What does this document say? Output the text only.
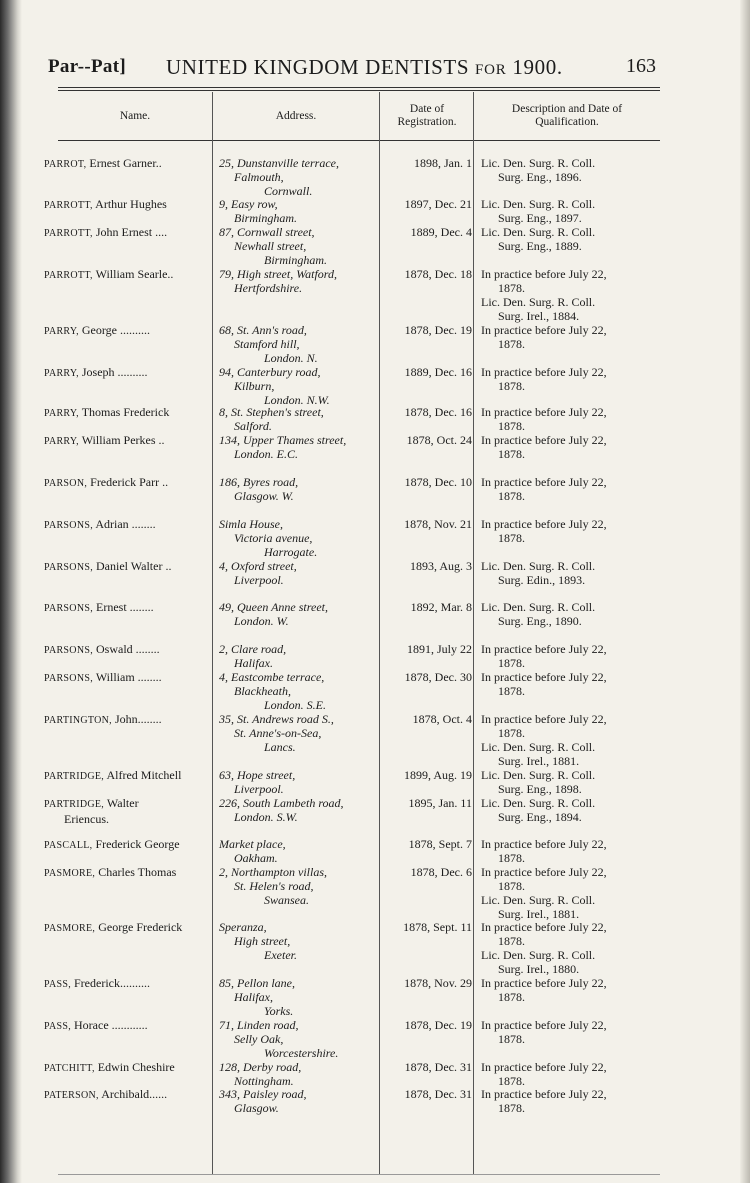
Par--Pat] UNITED KINGDOM DENTISTS FOR 1900.	163
Name.	Address.
Date of
Registration.
Description and Date of
Qualification.
PARROT, Ernest Garner..	25, Dunstanville terrace,
Falmouth,
Cornwall.
1898, Jan. 1 Lic. Den. Surg. R. Coll.
Surg. Eng., 1896.
PARROTT, Arthur Hughes	9, Easy row,
Birmingham.
1897, Dec. 21 Lic. Den. Surg. R. Coll.
Surg. Eng., 1897.
PARROTT, John Ernest ....	87, Cornwall street,
Newhall street,
Birmingham.
1889, Dec. 4 Lic. Den. Surg. R. Coll.
Surg. Eng., 1889.
PARROTT, William Searle..	79, High street, Watford,
Hertfordshire.
1878, Dec. 18 In practice before July 22,
1878.
Lic. Den. Surg. R. Coll.
Surg. Irel., 1884.
PARRY, George ..........	68, St. Ann's road,
Stamford hill,
London. N.
1878, Dec. 19 In practice before July 22,
1878.
PARRY, Joseph ..........	94, Canterbury road,
Kilburn,
London. N.W.
1889, Dec. 16 In practice before July 22,
1878.
PARRY, Thomas Frederick	8, St. Stephen's street,
Salford.
1878, Dec. 16 In practice before July 22,
1878.
PARRY, William Perkes ..	134, Upper Thames street,
London. E.C.
1878, Oct. 24 In practice before July 22,
1878.
PARSON, Frederick Parr ..	186, Byres road,
Glasgow. W.
1878, Dec. 10 In practice before July 22,
1878.
PARSONS, Adrian ........	Simla House,
Victoria avenue,
Harrogate.
1878, Nov. 21 In practice before July 22,
1878.
PARSONS, Daniel Walter ..	4, Oxford street,
Liverpool.
1893, Aug. 3 Lic. Den. Surg. R. Coll.
Surg. Edin., 1893.
PARSONS, Ernest ........	49, Queen Anne street,
London. W.
1892, Mar. 8 Lic. Den. Surg. R. Coll.
Surg. Eng., 1890.
PARSONS, Oswald ........	2, Clare road,
Halifax.
1891, July 22 In practice before July 22,
1878.
PARSONS, William ........	4, Eastcombe terrace,
Blackheath,
London. S.E.
1878, Dec. 30 In practice before July 22,
1878.
PARTINGTON, John........	35, St. Andrews road S.,
St. Anne's-on-Sea,
Lancs.
1878, Oct. 4 In practice before July 22,
1878.
Lic. Den. Surg. R. Coll.
Surg. Irel., 1881.
PARTRIDGE, Alfred Mitchell	63, Hope street,
Liverpool.
1899, Aug. 19 Lic. Den. Surg. R. Coll.
Surg. Eng., 1898.
PARTRIDGE, Walter
Eriencus.
226, South Lambeth road,
London. S.W.
1895, Jan. 11 Lic. Den. Surg. R. Coll.
Surg. Eng., 1894.
PASCALL, Frederick George	Market place,
Oakham.
1878, Sept. 7 In practice before July 22,
1878.
PASMORE, Charles Thomas	2, Northampton villas,
St. Helen's road,
Swansea.
1878, Dec. 6 In practice before July 22,
1878.
Lic. Den. Surg. R. Coll.
Surg. Irel., 1881.
PASMORE, George Frederick	Speranza,
High street,
Exeter.
1878, Sept. 11 In practice before July 22,
1878.
Lic. Den. Surg. R. Coll.
Surg. Irel., 1880.
PASS, Frederick..........	85, Pellon lane,
Halifax,
Yorks.
1878, Nov. 29 In practice before July 22,
1878.
PASS, Horace ............	71, Linden road,
Selly Oak,
Worcestershire.
1878, Dec. 19 In practice before July 22,
1878.
PATCHITT, Edwin Cheshire	128, Derby road,
Nottingham.
1878, Dec. 31 In practice before July 22,
1878.
PATERSON, Archibald......	343, Paisley road,
Glasgow.
1878, Dec. 31 In practice before July 22,
1878.
